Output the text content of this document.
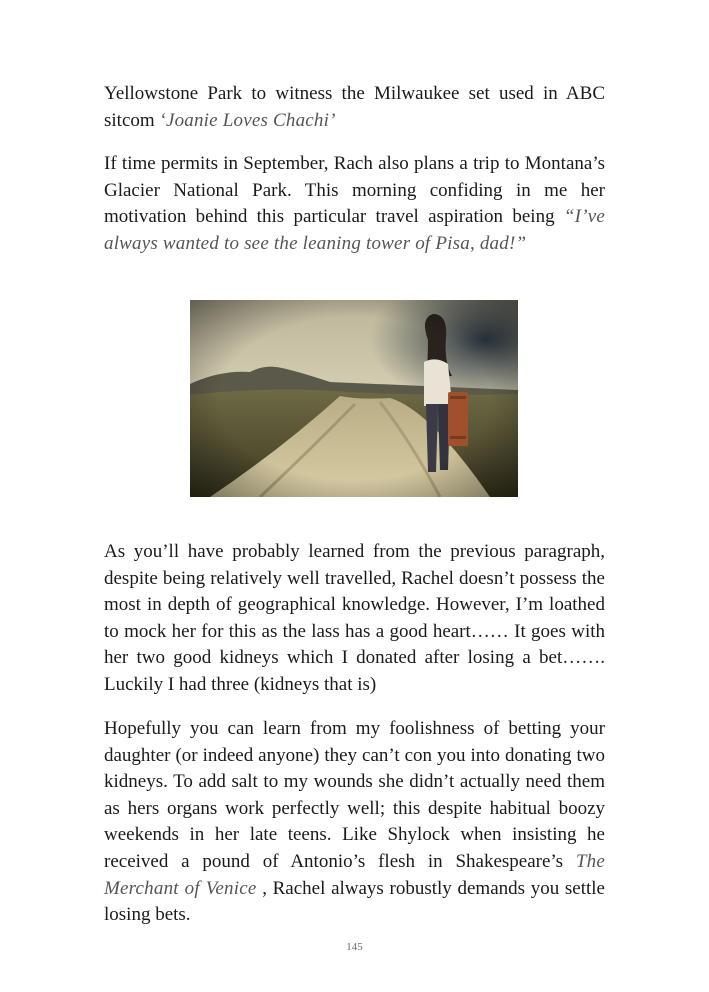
Yellowstone Park to witness the Milwaukee set used in ABC sitcom ‘Joanie Loves Chachi’

If time permits in September, Rach also plans a trip to Montana’s Glacier National Park. This morning confiding in me her motivation behind this particular travel aspiration being “I’ve always wanted to see the leaning tower of Pisa, dad!”

As you’ll have probably learned from the previous paragraph, despite being relatively well travelled, Rachel doesn’t possess the most in depth of geographical knowledge. However, I’m loathed to mock her for this as the lass has a good heart…… It goes with her two good kidneys which I donated after losing a bet……. Luckily I had three (kidneys that is)

Hopefully you can learn from my foolishness of betting your daughter (or indeed anyone) they can’t con you into donating two kidneys. To add salt to my wounds she didn’t actually need them as hers organs work perfectly well; this despite habitual boozy weekends in her late teens. Like Shylock when insisting he received a pound of Antonio’s flesh in Shakespeare’s The Merchant of Venice , Rachel always robustly demands you settle losing bets.

145
